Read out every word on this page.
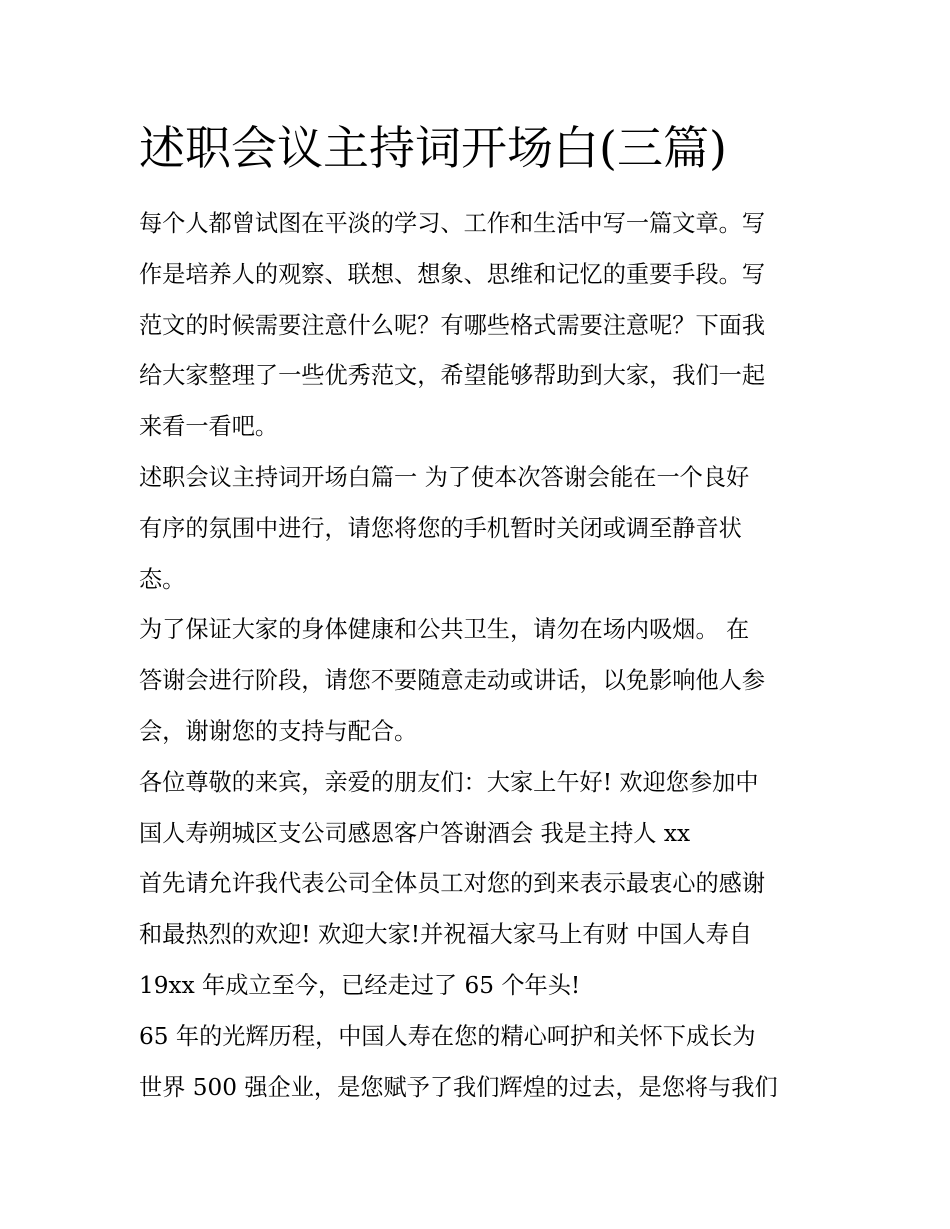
述职会议主持词开场白(三篇)
每个人都曾试图在平淡的学习、工作和生活中写一篇文章。写
作是培养人的观察、联想、想象、思维和记忆的重要手段。写
范文的时候需要注意什么呢？有哪些格式需要注意呢？下面我
给大家整理了一些优秀范文，希望能够帮助到大家，我们一起
来看一看吧。
述职会议主持词开场白篇一 为了使本次答谢会能在一个良好
有序的氛围中进行，请您将您的手机暂时关闭或调至静音状
态。
为了保证大家的身体健康和公共卫生，请勿在场内吸烟。 在
答谢会进行阶段，请您不要随意走动或讲话，以免影响他人参
会，谢谢您的支持与配合。
各位尊敬的来宾，亲爱的朋友们：大家上午好! 欢迎您参加中
国人寿朔城区支公司感恩客户答谢酒会 我是主持人 xx
首先请允许我代表公司全体员工对您的到来表示最衷心的感谢
和最热烈的欢迎! 欢迎大家!并祝福大家马上有财 中国人寿自
19xx 年成立至今，已经走过了 65 个年头!
65 年的光辉历程，中国人寿在您的精心呵护和关怀下成长为
世界 500 强企业，是您赋予了我们辉煌的过去，是您将与我们
